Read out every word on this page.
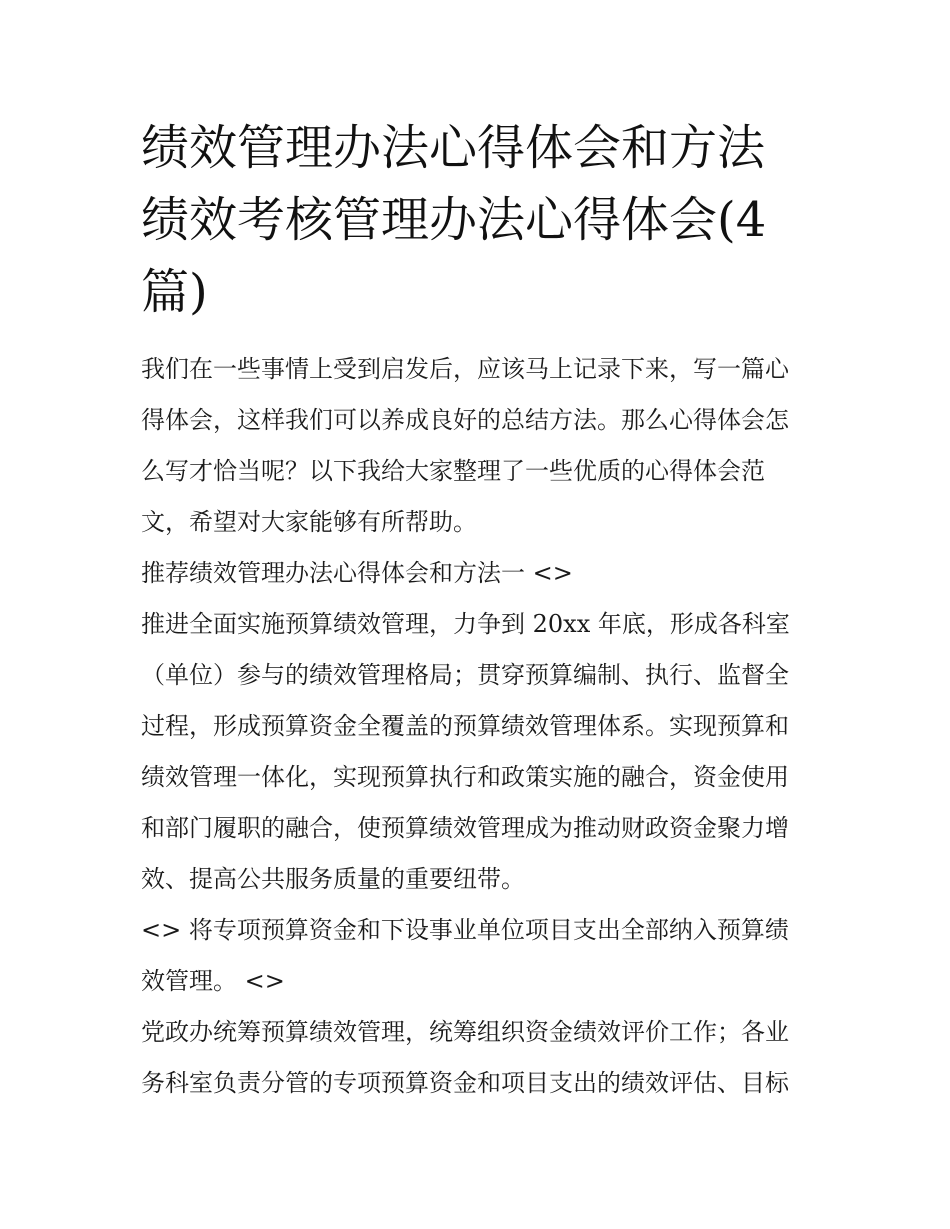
绩效管理办法心得体会和方法
绩效考核管理办法心得体会(4
篇)

我们在一些事情上受到启发后，应该马上记录下来，写一篇心
得体会，这样我们可以养成良好的总结方法。那么心得体会怎
么写才恰当呢？以下我给大家整理了一些优质的心得体会范
文，希望对大家能够有所帮助。

推荐绩效管理办法心得体会和方法一 <>

推进全面实施预算绩效管理，力争到 20xx 年底，形成各科室
（单位）参与的绩效管理格局；贯穿预算编制、执行、监督全
过程，形成预算资金全覆盖的预算绩效管理体系。实现预算和
绩效管理一体化，实现预算执行和政策实施的融合，资金使用
和部门履职的融合，使预算绩效管理成为推动财政资金聚力增
效、提高公共服务质量的重要纽带。

<> 将专项预算资金和下设事业单位项目支出全部纳入预算绩
效管理。 <>

党政办统筹预算绩效管理，统筹组织资金绩效评价工作；各业
务科室负责分管的专项预算资金和项目支出的绩效评估、目标
